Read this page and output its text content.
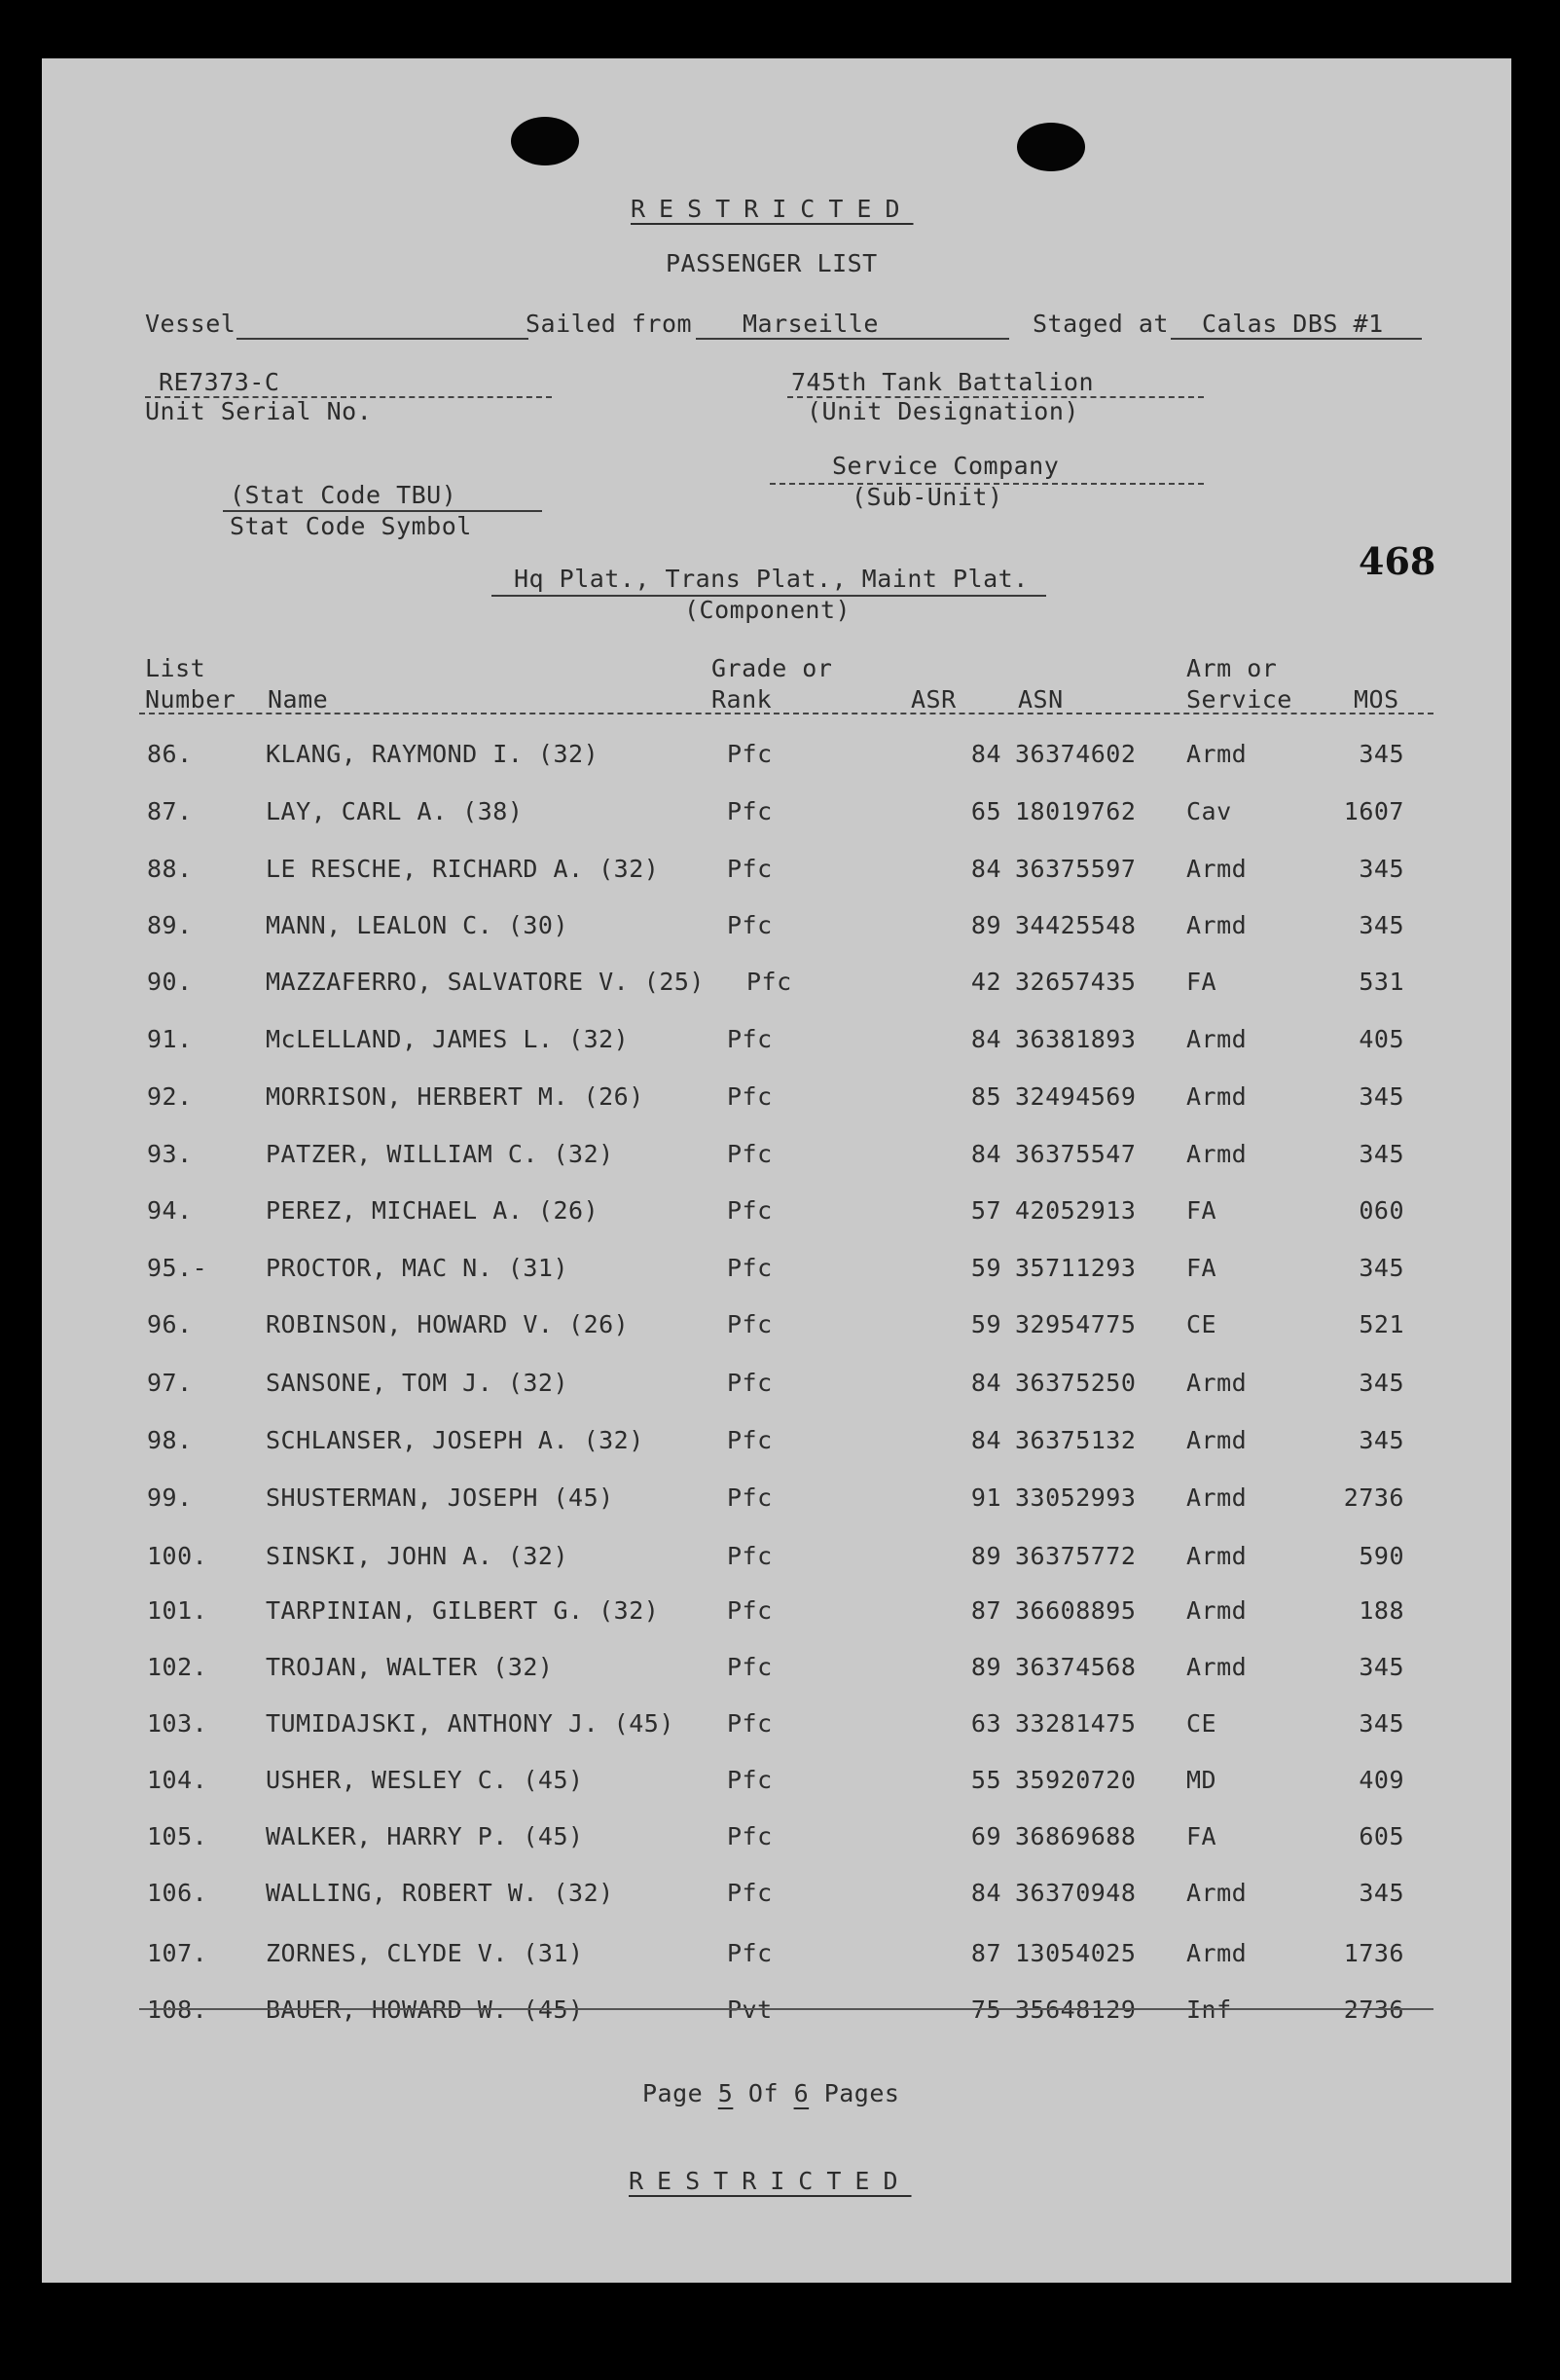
RESTRICTED
PASSENGER LIST
Vessel	Sailed from Marseille	Staged at Calas DBS #1
RE7373-C
Unit Serial No.
745th Tank Battalion
(Unit Designation)
Service Company
(Sub-Unit)
(Stat Code TBU)
Stat Code Symbol
468
Hq Plat., Trans Plat., Maint Plat.
(Component)
List
Number Name
Grade or
Rank	ASR	ASN
Arm or
Service	MOS
86.	KLANG, RAYMOND I. (32)	Pfc	84 36374602 Armd	345
87.	LAY, CARL A. (38)	Pfc	65 18019762 Cav	1607
88.	LE RESCHE, RICHARD A. (32)	Pfc	84 36375597 Armd	345
89.	MANN, LEALON C. (30)	Pfc	89 34425548 Armd	345
90.	MAZZAFERRO, SALVATORE V. (25) Pfc	42 32657435 FA	531
91.	McLELLAND, JAMES L. (32)	Pfc	84 36381893 Armd	405
92.	MORRISON, HERBERT M. (26)	Pfc	85 32494569 Armd	345
93.	PATZER, WILLIAM C. (32)	Pfc	84 36375547 Armd	345
94.	PEREZ, MICHAEL A. (26)	Pfc	57 42052913 FA	060
95.- PROCTOR, MAC N. (31)	Pfc	59 35711293 FA	345
96.	ROBINSON, HOWARD V. (26)	Pfc	59 32954775 CE	521
97.	SANSONE, TOM J. (32)	Pfc	84 36375250 Armd	345
98.	SCHLANSER, JOSEPH A. (32)	Pfc	84 36375132 Armd	345
99.	SHUSTERMAN, JOSEPH (45)	Pfc	91 33052993 Armd	2736
100. SINSKI, JOHN A. (32)	Pfc	89 36375772 Armd	590
101. TARPINIAN, GILBERT G. (32)	Pfc	87 36608895 Armd	188
102. TROJAN, WALTER (32)	Pfc	89 36374568 Armd	345
103. TUMIDAJSKI, ANTHONY J. (45) Pfc	63 33281475 CE	345
104. USHER, WESLEY C. (45)	Pfc	55 35920720 MD	409
105. WALKER, HARRY P. (45)	Pfc	69 36869688 FA	605
106. WALLING, ROBERT W. (32)	Pfc	84 36370948 Armd	345
107. ZORNES, CLYDE V. (31)	Pfc	87 13054025 Armd	1736
108. BAUER, HOWARD W. (45)	Pvt	75 35648129 Inf	2736
Page 5 Of 6 Pages
RESTRICTED
